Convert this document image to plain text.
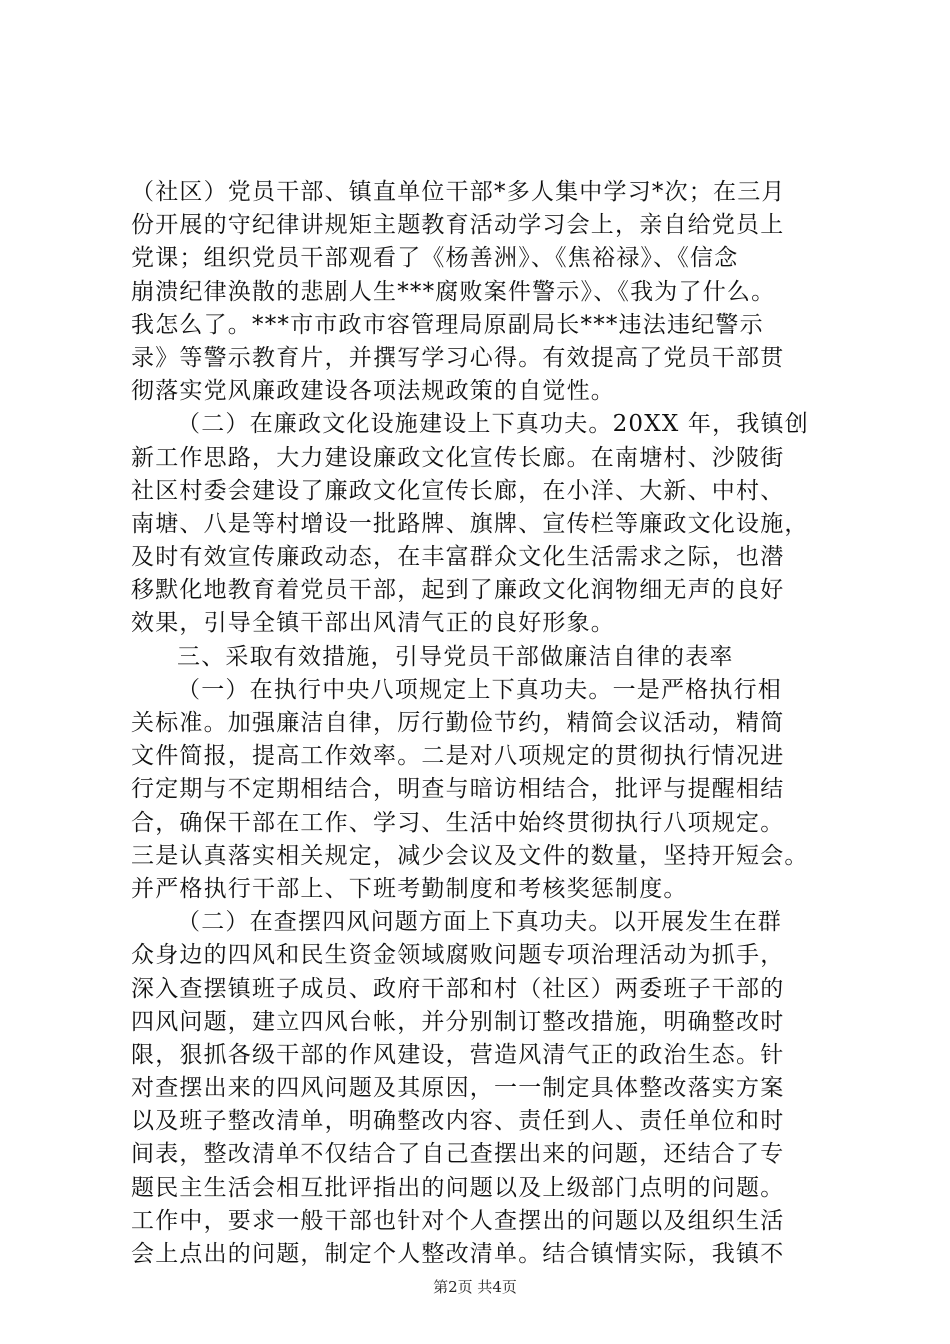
（社区）党员干部、镇直单位干部*多人集中学习*次；在三月
份开展的守纪律讲规矩主题教育活动学习会上，亲自给党员上
党课；组织党员干部观看了《杨善洲》、《焦裕禄》、《信念
崩溃纪律涣散的悲剧人生***腐败案件警示》、《我为了什么。
我怎么了。***市市政市容管理局原副局长***违法违纪警示
录》等警示教育片，并撰写学习心得。有效提高了党员干部贯
彻落实党风廉政建设各项法规政策的自觉性。
（二）在廉政文化设施建设上下真功夫。20XX 年，我镇创
新工作思路，大力建设廉政文化宣传长廊。在南塘村、沙陂街
社区村委会建设了廉政文化宣传长廊，在小洋、大新、中村、
南塘、八是等村增设一批路牌、旗牌、宣传栏等廉政文化设施，
及时有效宣传廉政动态，在丰富群众文化生活需求之际，也潜
移默化地教育着党员干部，起到了廉政文化润物细无声的良好
效果，引导全镇干部出风清气正的良好形象。
三、采取有效措施，引导党员干部做廉洁自律的表率
（一）在执行中央八项规定上下真功夫。一是严格执行相
关标准。加强廉洁自律，厉行勤俭节约，精简会议活动，精简
文件简报，提高工作效率。二是对八项规定的贯彻执行情况进
行定期与不定期相结合，明查与暗访相结合，批评与提醒相结
合，确保干部在工作、学习、生活中始终贯彻执行八项规定。
三是认真落实相关规定，减少会议及文件的数量，坚持开短会。
并严格执行干部上、下班考勤制度和考核奖惩制度。
（二）在查摆四风问题方面上下真功夫。以开展发生在群
众身边的四风和民生资金领域腐败问题专项治理活动为抓手，
深入查摆镇班子成员、政府干部和村（社区）两委班子干部的
四风问题，建立四风台帐，并分别制订整改措施，明确整改时
限，狠抓各级干部的作风建设，营造风清气正的政治生态。针
对查摆出来的四风问题及其原因，一一制定具体整改落实方案
以及班子整改清单，明确整改内容、责任到人、责任单位和时
间表，整改清单不仅结合了自己查摆出来的问题，还结合了专
题民主生活会相互批评指出的问题以及上级部门点明的问题。
工作中，要求一般干部也针对个人查摆出的问题以及组织生活
会上点出的问题，制定个人整改清单。结合镇情实际，我镇不
第2页 共4页
